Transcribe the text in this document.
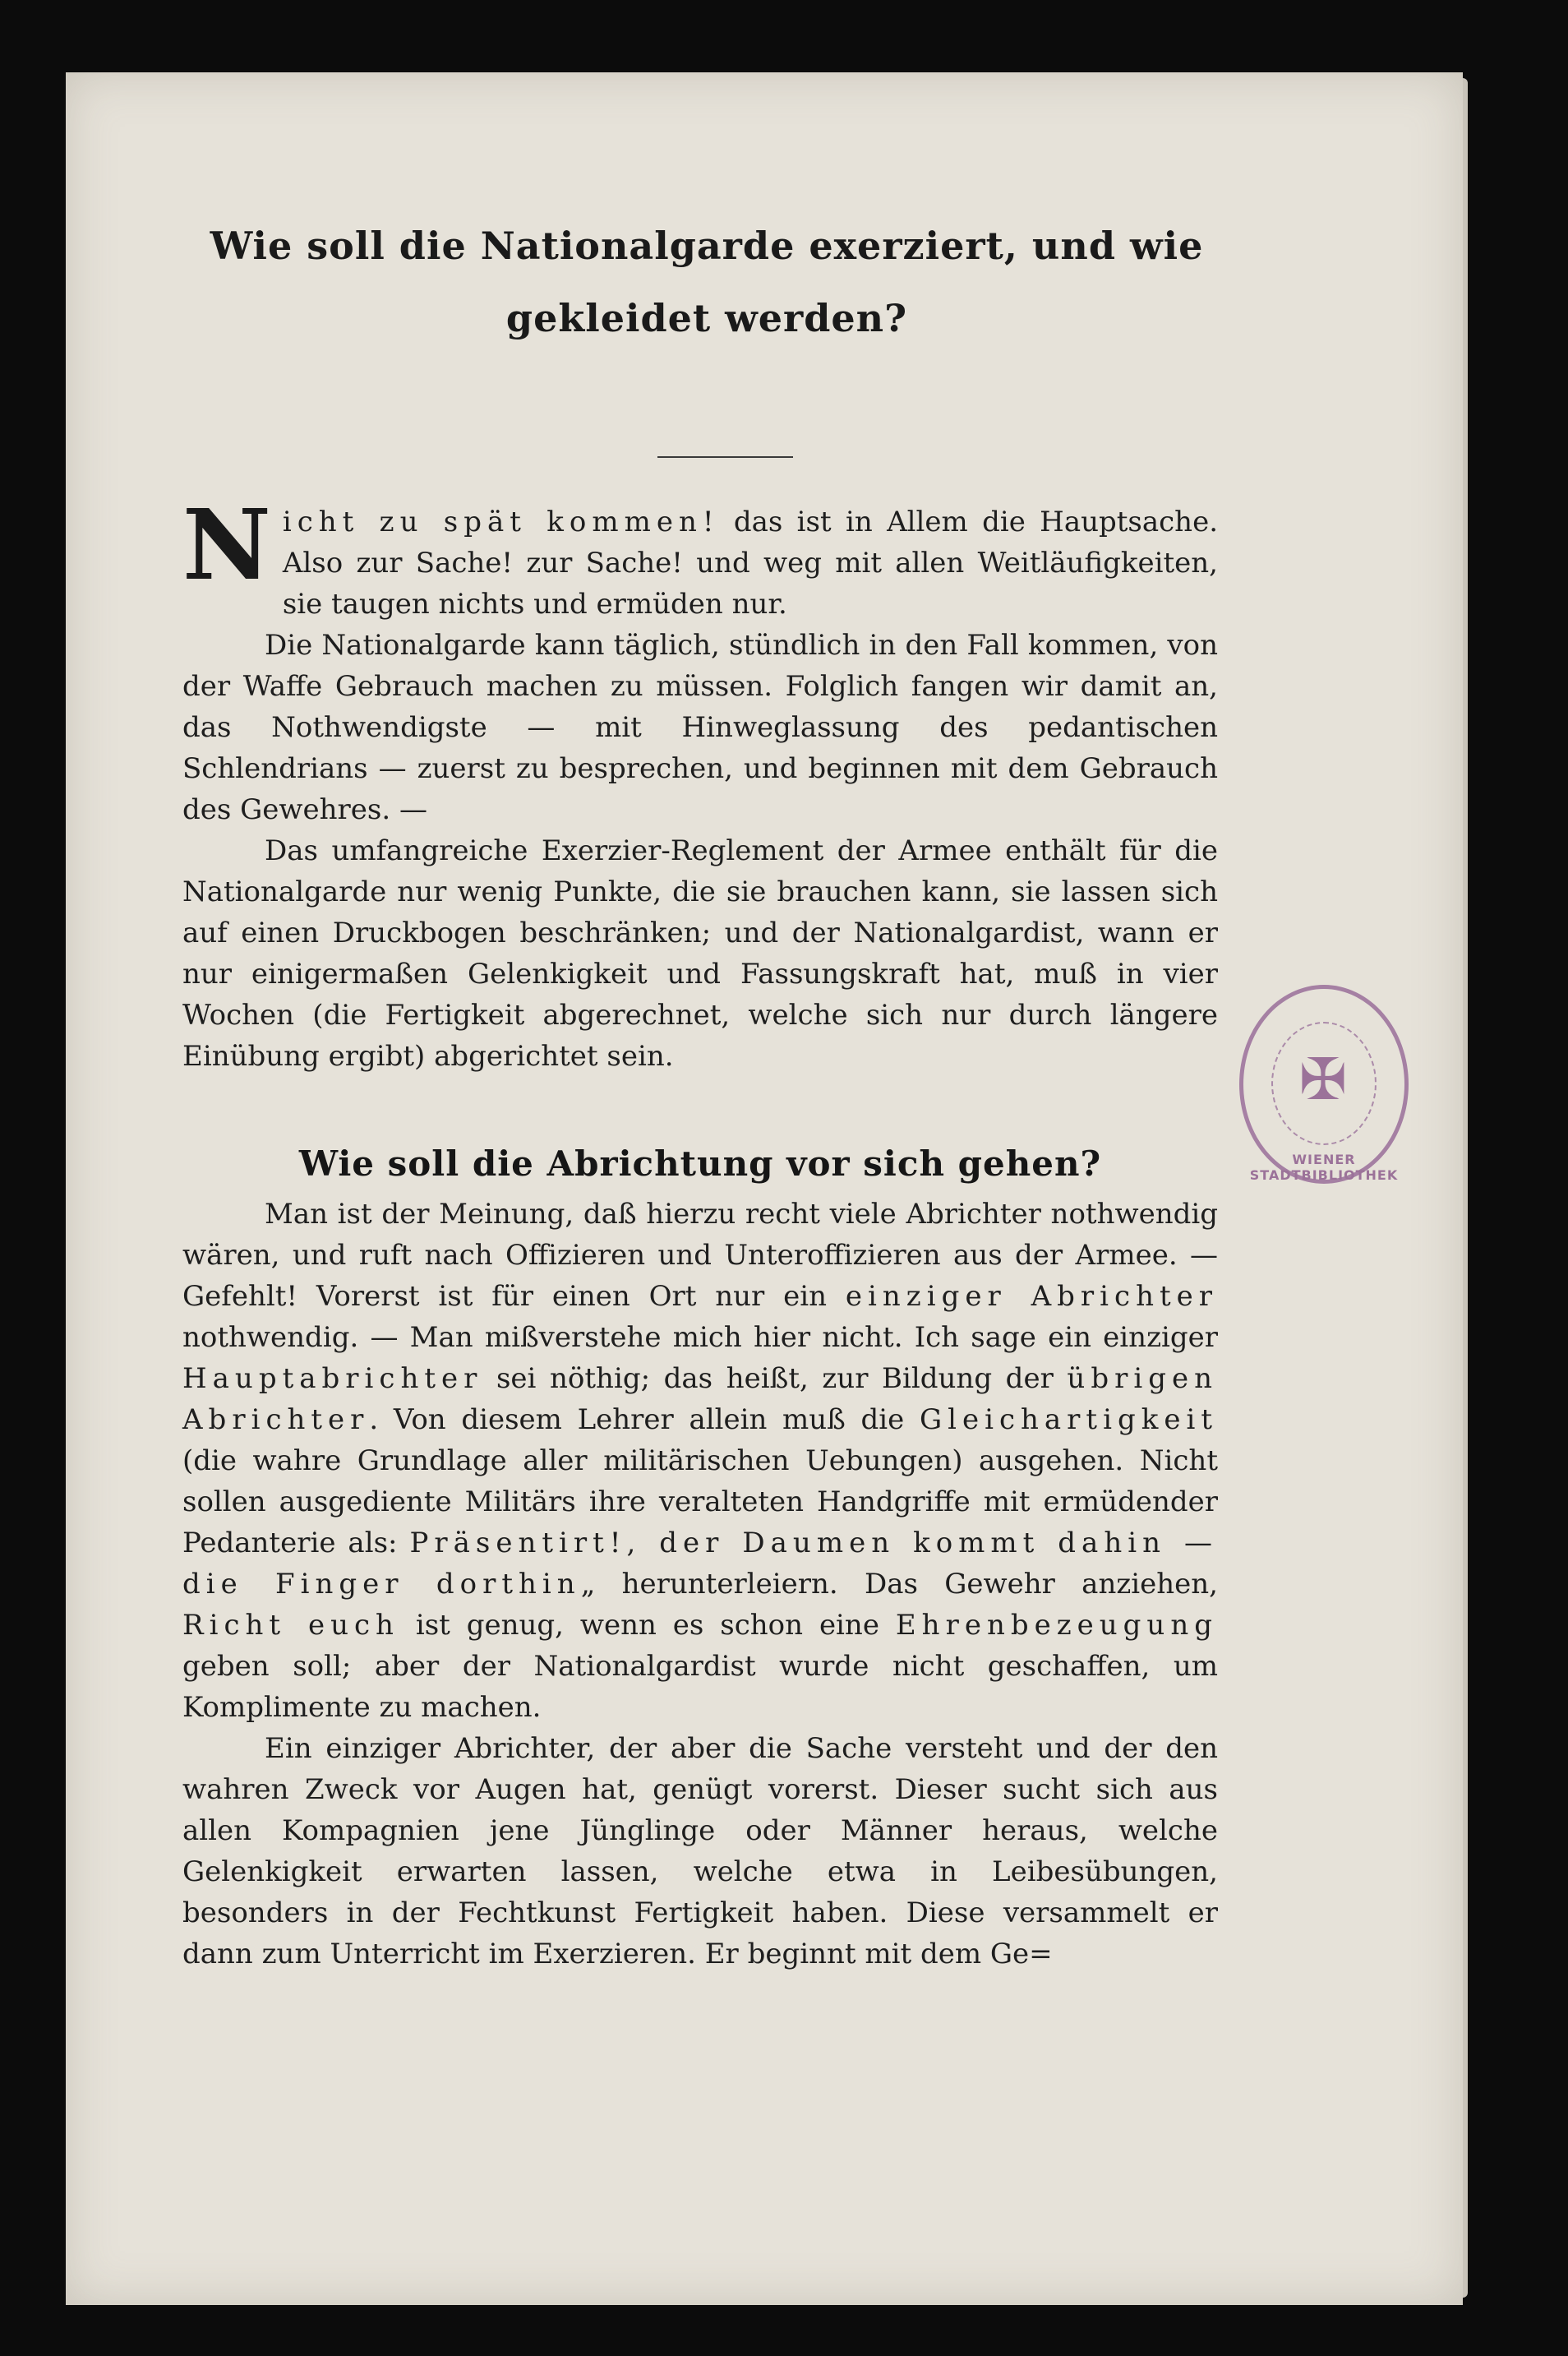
Wie soll die Nationalgarde exerziert, und wie gekleidet werden?

Nicht zu spät kommen! das ist in Allem die Hauptsache. Also zur Sache! zur Sache! und weg mit allen Weitläufigkeiten, sie taugen nichts und ermüden nur.

Die Nationalgarde kann täglich, stündlich in den Fall kommen, von der Waffe Gebrauch machen zu müssen. Folglich fangen wir damit an, das Nothwendigste — mit Hinweglassung des pedantischen Schlendrians — zuerst zu besprechen, und beginnen mit dem Gebrauch des Gewehres. —

Das umfangreiche Exerzier-Reglement der Armee enthält für die Nationalgarde nur wenig Punkte, die sie brauchen kann, sie lassen sich auf einen Druckbogen beschränken; und der Nationalgardist, wann er nur einigermaßen Gelenkigkeit und Fassungskraft hat, muß in vier Wochen (die Fertigkeit abgerechnet, welche sich nur durch längere Einübung ergibt) abgerichtet sein.

Wie soll die Abrichtung vor sich gehen?

Man ist der Meinung, daß hierzu recht viele Abrichter nothwendig wären, und ruft nach Offizieren und Unteroffizieren aus der Armee. — Gefehlt! Vorerst ist für einen Ort nur ein einziger Abrichter nothwendig. — Man mißverstehe mich hier nicht. Ich sage ein einziger Hauptabrichter sei nöthig; das heißt, zur Bildung der übrigen Abrichter. Von diesem Lehrer allein muß die Gleichartigkeit (die wahre Grundlage aller militärischen Uebungen) ausgehen. Nicht sollen ausgediente Militärs ihre veralteten Handgriffe mit ermüdender Pedanterie als: Präsentirt!, der Daumen kommt dahin — die Finger dorthin„ herunterleiern. Das Gewehr anziehen, Richt euch ist genug, wenn es schon eine Ehrenbezeugung geben soll; aber der Nationalgardist wurde nicht geschaffen, um Komplimente zu machen.

Ein einziger Abrichter, der aber die Sache versteht und der den wahren Zweck vor Augen hat, genügt vorerst. Dieser sucht sich aus allen Kompagnien jene Jünglinge oder Männer heraus, welche Gelenkigkeit erwarten lassen, welche etwa in Leibesübungen, besonders in der Fechtkunst Fertigkeit haben. Diese versammelt er dann zum Unterricht im Exerzieren. Er beginnt mit dem Ge=

✠
WIENER STADTBIBLIOTHEK
